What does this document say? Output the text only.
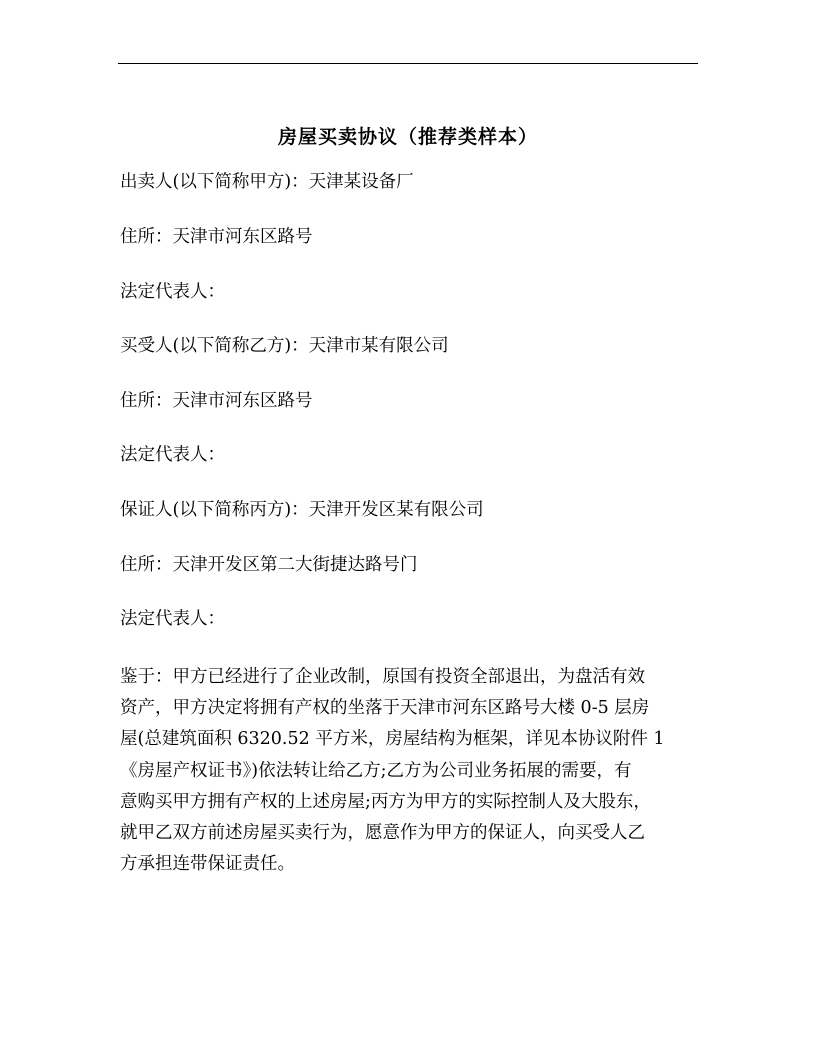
房屋买卖协议（推荐类样本）
出卖人(以下简称甲方)：天津某设备厂
住所：天津市河东区路号
法定代表人：
买受人(以下简称乙方)：天津市某有限公司
住所：天津市河东区路号
法定代表人：
保证人(以下简称丙方)：天津开发区某有限公司
住所：天津开发区第二大街捷达路号门
法定代表人：
鉴于：甲方已经进行了企业改制，原国有投资全部退出，为盘活有效
资产，甲方决定将拥有产权的坐落于天津市河东区路号大楼 0-5 层房
屋(总建筑面积 6320.52 平方米，房屋结构为框架，详见本协议附件 1
《房屋产权证书》)依法转让给乙方;乙方为公司业务拓展的需要，有
意购买甲方拥有产权的上述房屋;丙方为甲方的实际控制人及大股东，
就甲乙双方前述房屋买卖行为，愿意作为甲方的保证人，向买受人乙
方承担连带保证责任。
